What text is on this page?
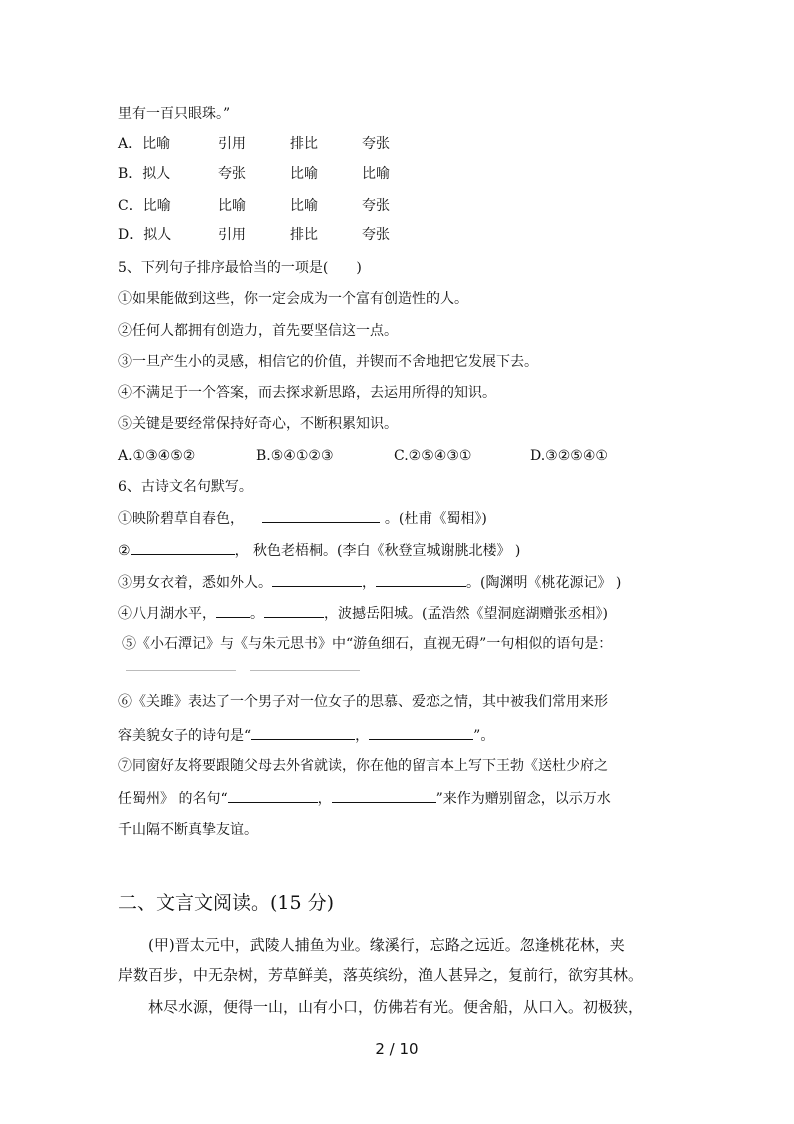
里有一百只眼珠。”
A．比喻	引用	排比	夸张
B．拟人	夸张	比喻	比喻
C．比喻	比喻	比喻	夸张
D．拟人	引用	排比	夸张
5、下列句子排序最恰当的一项是(　　)
①如果能做到这些，你一定会成为一个富有创造性的人。
②任何人都拥有创造力，首先要坚信这一点。
③一旦产生小的灵感，相信它的价值，并锲而不舍地把它发展下去。
④不满足于一个答案，而去探求新思路，去运用所得的知识。
⑤关键是要经常保持好奇心，不断积累知识。
A.①③④⑤②	B.⑤④①②③	C.②⑤④③①	D.③②⑤④①
6、古诗文名句默写。
①映阶碧草自春色，	。(杜甫《蜀相》)
②	， 秋色老梧桐。(李白《秋登宣城谢朓北楼》 )
③男女衣着，悉如外人。	，	。(陶渊明《桃花源记》 )
④八月湖水平， 。	，波撼岳阳城。(孟浩然《望洞庭湖赠张丞相》)
⑤《小石潭记》与《与朱元思书》中“游鱼细石，直视无碍”一句相似的语句是：
⑥《关雎》表达了一个男子对一位女子的思慕、爱恋之情，其中被我们常用来形
容美貌女子的诗句是“	，	”。
⑦同窗好友将要跟随父母去外省就读，你在他的留言本上写下王勃《送杜少府之
任蜀州》 的名句“	，	”来作为赠别留念，以示万水
千山隔不断真挚友谊。
二、文言文阅读。(15 分)
(甲)晋太元中，武陵人捕鱼为业。缘溪行，忘路之远近。忽逢桃花林，夹
岸数百步，中无杂树，芳草鲜美，落英缤纷，渔人甚异之，复前行，欲穷其林。
林尽水源，便得一山，山有小口，仿佛若有光。便舍船，从口入。初极狭，
2 / 10
